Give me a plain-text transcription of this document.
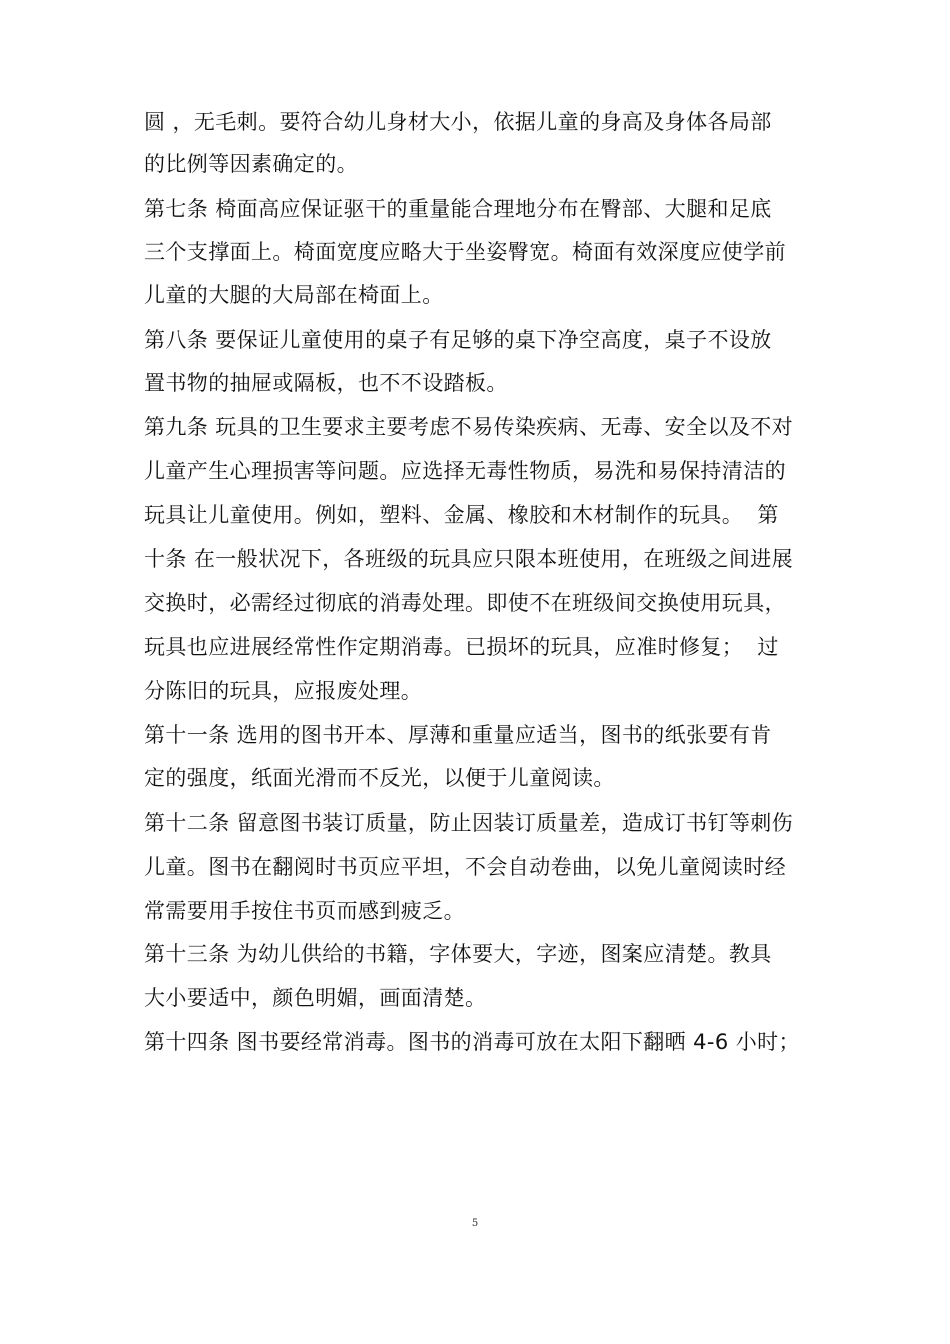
圆 ，无毛刺。要符合幼儿身材大小，依据儿童的身高及身体各局部
的比例等因素确定的。
第七条 椅面高应保证驱干的重量能合理地分布在臀部、大腿和足底
三个支撑面上。椅面宽度应略大于坐姿臀宽。椅面有效深度应使学前
儿童的大腿的大局部在椅面上。
第八条 要保证儿童使用的桌子有足够的桌下净空高度，桌子不设放
置书物的抽屉或隔板，也不不设踏板。
第九条 玩具的卫生要求主要考虑不易传染疾病、无毒、安全以及不对
儿童产生心理损害等问题。应选择无毒性物质，易洗和易保持清洁的
玩具让儿童使用。例如，塑料、金属、橡胶和木材制作的玩具。  第
十条 在一般状况下，各班级的玩具应只限本班使用，在班级之间进展
交换时，必需经过彻底的消毒处理。即使不在班级间交换使用玩具，
玩具也应进展经常性作定期消毒。已损坏的玩具，应准时修复；  过
分陈旧的玩具，应报废处理。
第十一条 选用的图书开本、厚薄和重量应适当，图书的纸张要有肯
定的强度，纸面光滑而不反光，以便于儿童阅读。
第十二条 留意图书装订质量，防止因装订质量差，造成订书钉等刺伤
儿童。图书在翻阅时书页应平坦，不会自动卷曲，以免儿童阅读时经
常需要用手按住书页而感到疲乏。
第十三条 为幼儿供给的书籍，字体要大，字迹，图案应清楚。教具
大小要适中，颜色明媚，画面清楚。
第十四条 图书要经常消毒。图书的消毒可放在太阳下翻晒 4-6 小时；
5
